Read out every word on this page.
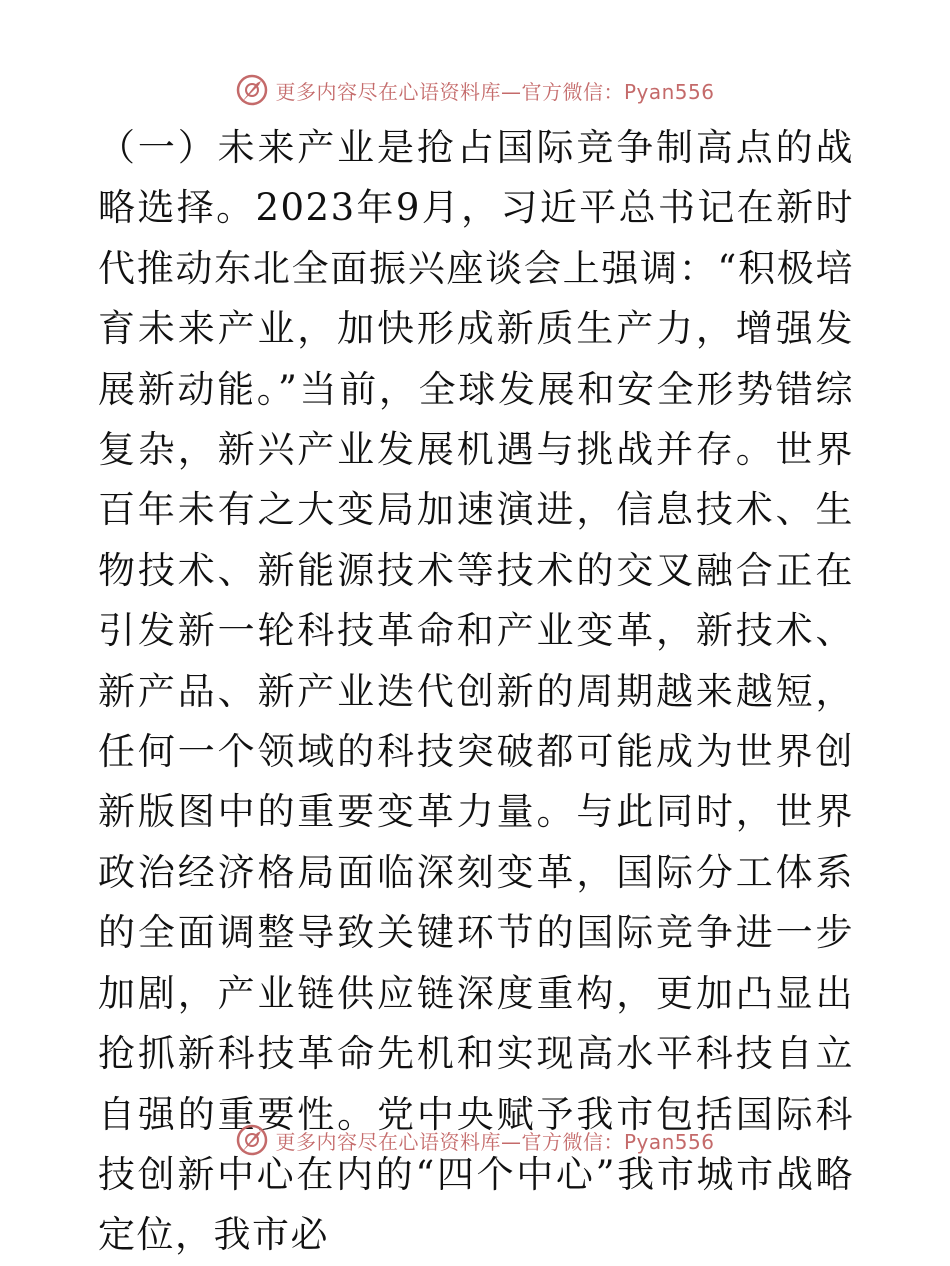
更多内容尽在心语资料库—官方微信：Pyan556

（一）未来产业是抢占国际竞争制高点的战略选择。2023年9月，习近平总书记在新时代推动东北全面振兴座谈会上强调：“积极培育未来产业，加快形成新质生产力，增强发展新动能。”当前，全球发展和安全形势错综复杂，新兴产业发展机遇与挑战并存。世界百年未有之大变局加速演进，信息技术、生物技术、新能源技术等技术的交叉融合正在引发新一轮科技革命和产业变革，新技术、新产品、新产业迭代创新的周期越来越短，任何一个领域的科技突破都可能成为世界创新版图中的重要变革力量。与此同时，世界政治经济格局面临深刻变革，国际分工体系的全面调整导致关键环节的国际竞争进一步加剧，产业链供应链深度重构，更加凸显出抢抓新科技革命先机和实现高水平科技自立自强的重要性。党中央赋予我市包括国际科技创新中心在内的“四个中心”我市城市战略定位，我市必

更多内容尽在心语资料库—官方微信：Pyan556
